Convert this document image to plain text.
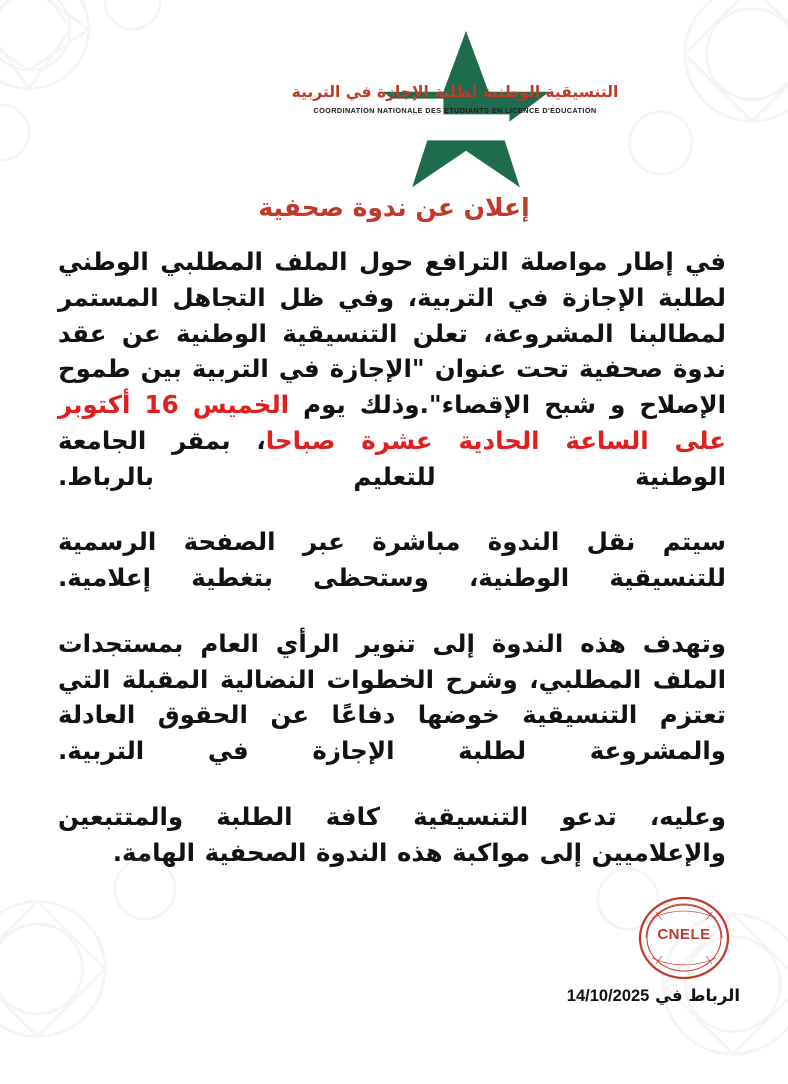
التنسيقية الوطنية لطلبة الإجازة في التربية
COORDINATION NATIONALE DES ETUDIANTS EN LICENCE D'EDUCATION
إعلان عن ندوة صحفية

في إطار مواصلة الترافع حول الملف المطلبي الوطني لطلبة الإجازة في التربية، وفي ظل التجاهل المستمر لمطالبنا المشروعة، تعلن التنسيقية الوطنية عن عقد ندوة صحفية تحت عنوان "الإجازة في التربية بين طموح الإصلاح و شبح الإقصاء".وذلك يوم الخميس 16 أكتوبر على الساعة الحادية عشرة صباحا، بمقر الجامعة الوطنية للتعليم بالرباط.

سيتم نقل الندوة مباشرة عبر الصفحة الرسمية للتنسيقية الوطنية، وستحظى بتغطية إعلامية.

وتهدف هذه الندوة إلى تنوير الرأي العام بمستجدات الملف المطلبي، وشرح الخطوات النضالية المقبلة التي تعتزم التنسيقية خوضها دفاعًا عن الحقوق العادلة والمشروعة لطلبة الإجازة في التربية.

وعليه، تدعو التنسيقية كافة الطلبة والمتتبعين والإعلاميين إلى مواكبة هذه الندوة الصحفية الهامة.

CNELE
الرباط في 14/10/2025
